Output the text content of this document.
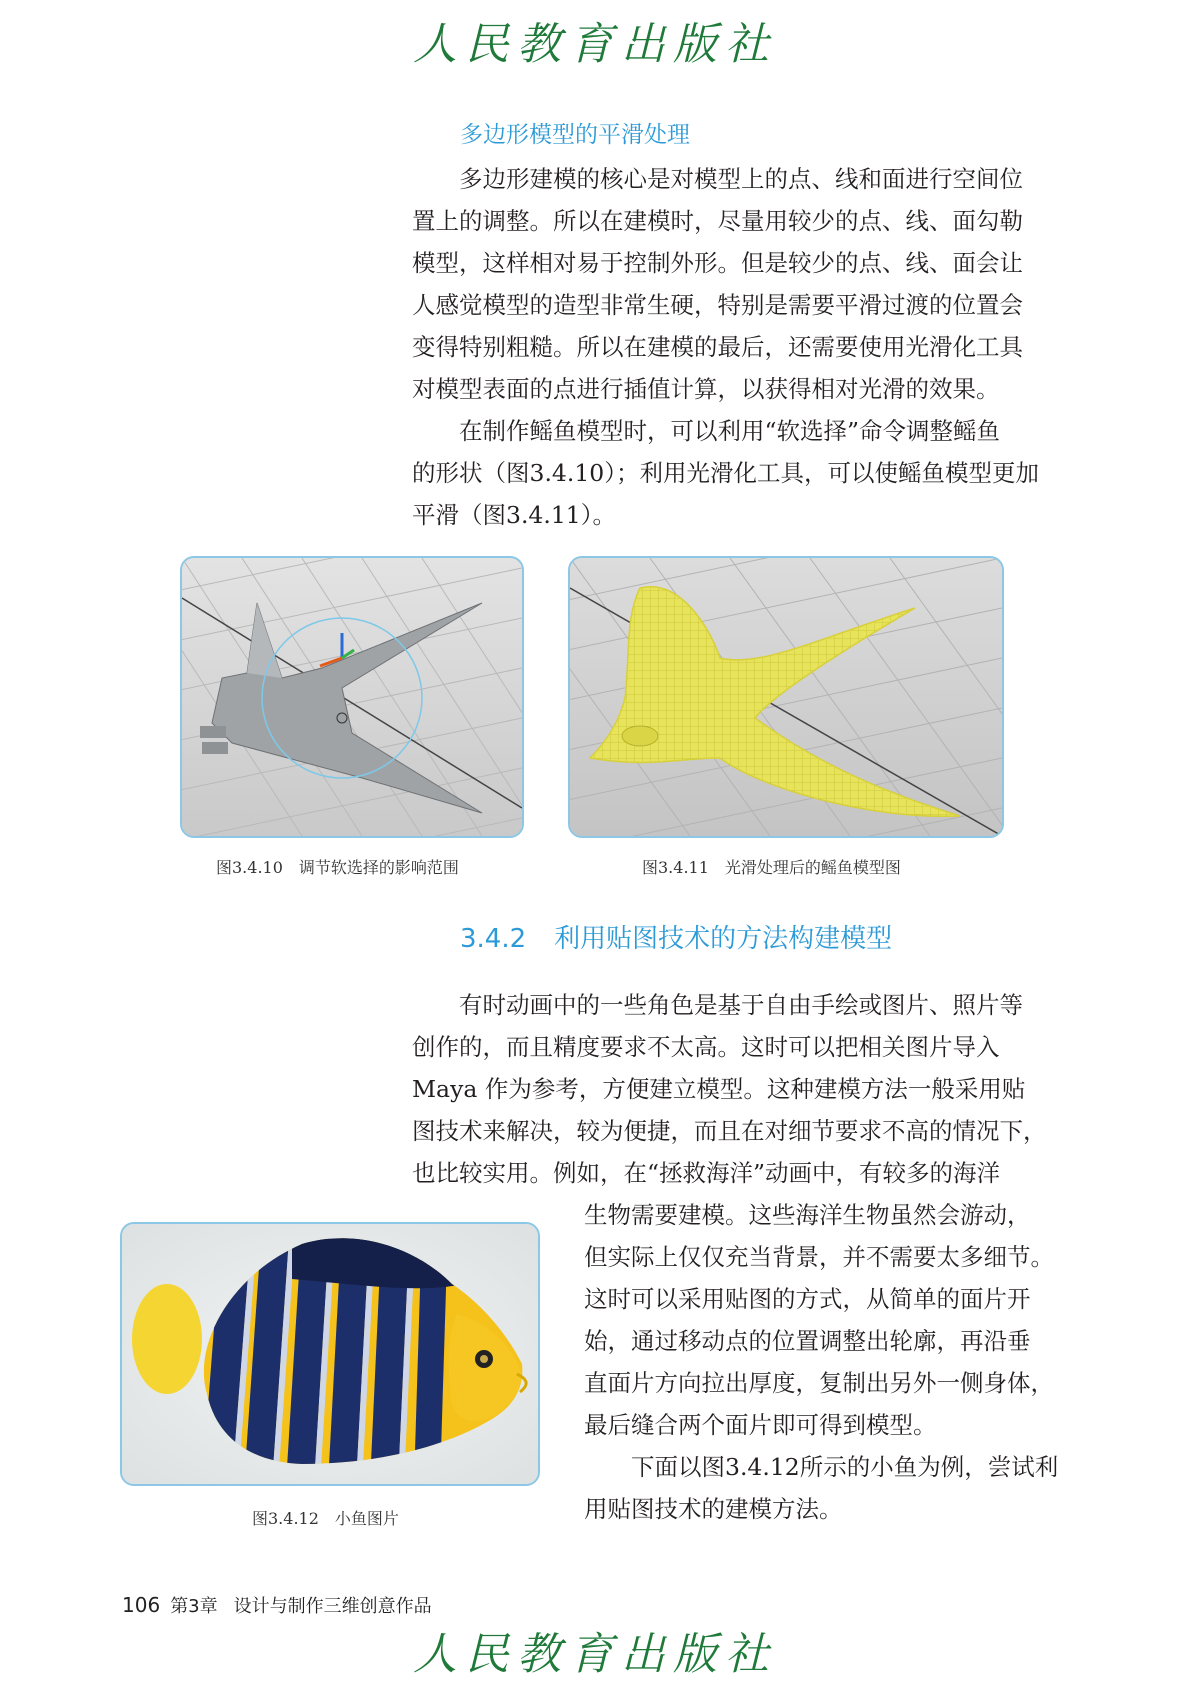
人民教育出版社
多边形模型的平滑处理
多边形建模的核心是对模型上的点、线和面进行空间位
置上的调整。所以在建模时，尽量用较少的点、线、面勾勒
模型，这样相对易于控制外形。但是较少的点、线、面会让
人感觉模型的造型非常生硬，特别是需要平滑过渡的位置会
变得特别粗糙。所以在建模的最后，还需要使用光滑化工具
对模型表面的点进行插值计算，以获得相对光滑的效果。
在制作鳐鱼模型时，可以利用“软选择”命令调整鳐鱼
的形状（图3.4.10）；利用光滑化工具，可以使鳐鱼模型更加
平滑（图3.4.11）。
图3.4.10　调节软选择的影响范围	图3.4.11　光滑处理后的鳐鱼模型图
3.4.2 利用贴图技术的方法构建模型
有时动画中的一些角色是基于自由手绘或图片、照片等
创作的，而且精度要求不太高。这时可以把相关图片导入
Maya 作为参考，方便建立模型。这种建模方法一般采用贴
图技术来解决，较为便捷，而且在对细节要求不高的情况下，
也比较实用。例如，在“拯救海洋”动画中，有较多的海洋
生物需要建模。这些海洋生物虽然会游动，
但实际上仅仅充当背景，并不需要太多细节。
这时可以采用贴图的方式，从简单的面片开
始，通过移动点的位置调整出轮廓，再沿垂
直面片方向拉出厚度，复制出另外一侧身体，
最后缝合两个面片即可得到模型。
下面以图3.4.12所示的小鱼为例，尝试利
用贴图技术的建模方法。
图3.4.12　小鱼图片
106 第3章 设计与制作三维创意作品
人民教育出版社
